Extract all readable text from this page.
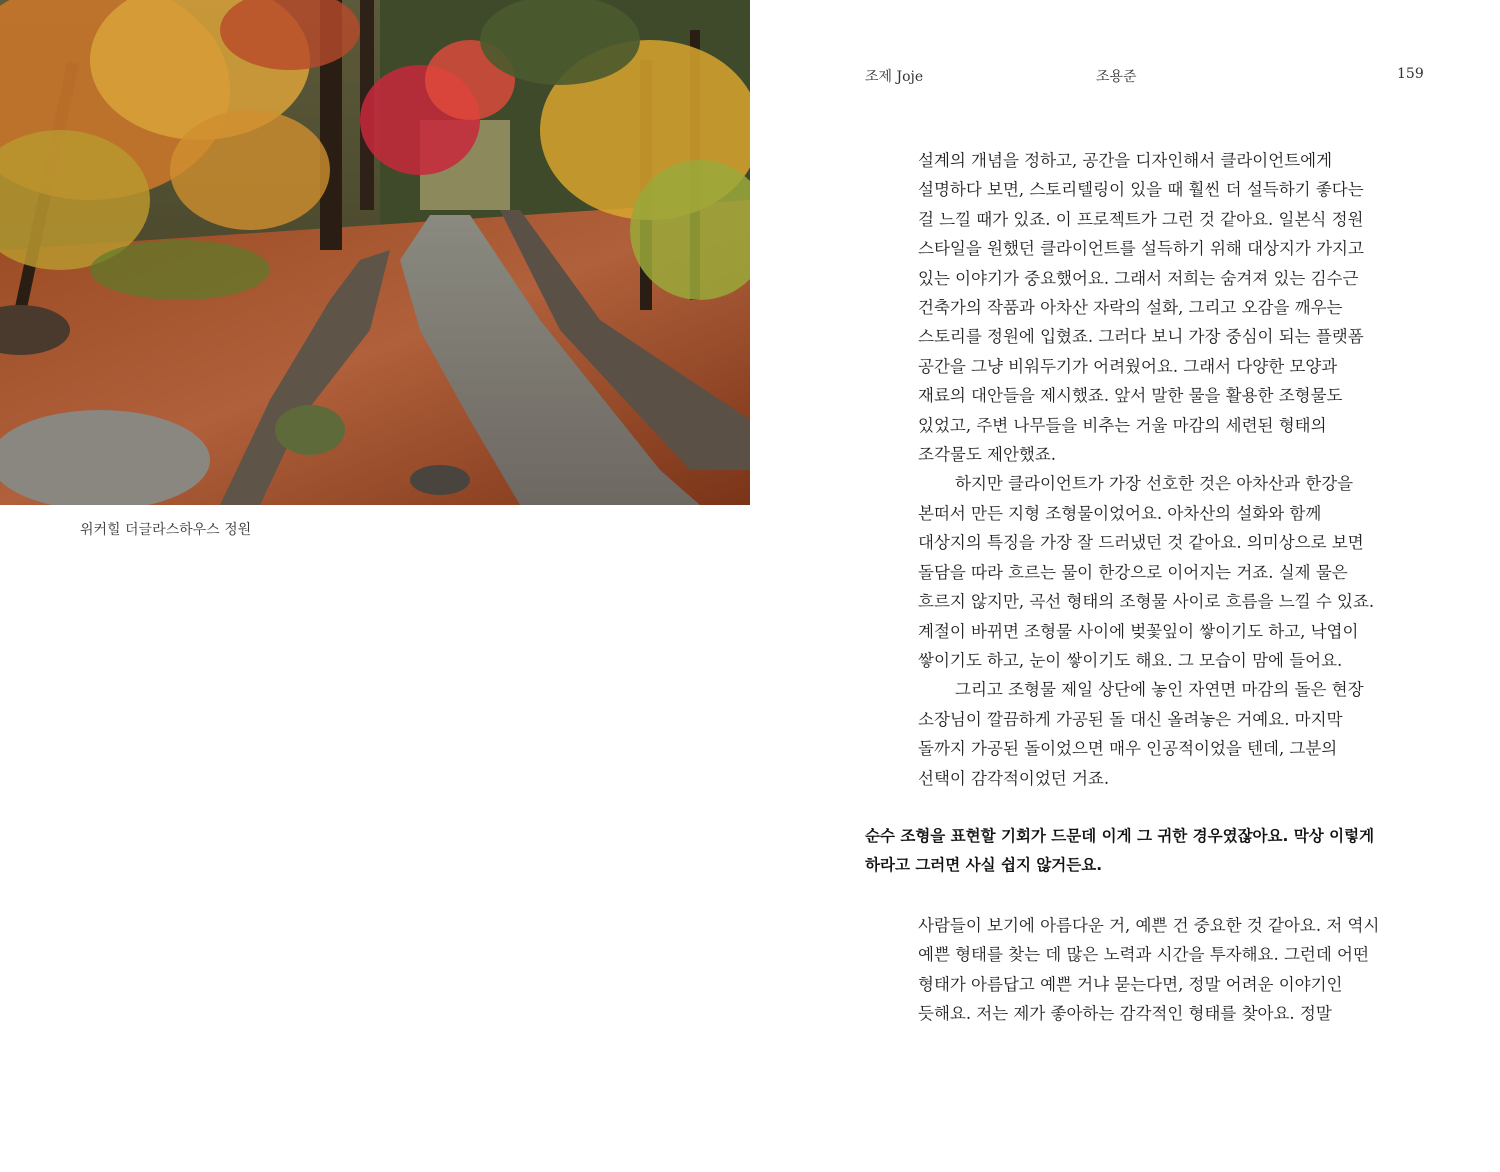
위커힐 더글라스하우스 정원
조제 Joje	조용준	159

설계의 개념을 정하고, 공간을 디자인해서 클라이언트에게

설명하다 보면, 스토리텔링이 있을 때 훨씬 더 설득하기 좋다는

걸 느낄 때가 있죠. 이 프로젝트가 그런 것 같아요. 일본식 정원

스타일을 원했던 클라이언트를 설득하기 위해 대상지가 가지고

있는 이야기가 중요했어요. 그래서 저희는 숨겨져 있는 김수근

건축가의 작품과 아차산 자락의 설화, 그리고 오감을 깨우는

스토리를 정원에 입혔죠. 그러다 보니 가장 중심이 되는 플랫폼

공간을 그냥 비워두기가 어려웠어요. 그래서 다양한 모양과

재료의 대안들을 제시했죠. 앞서 말한 물을 활용한 조형물도

있었고, 주변 나무들을 비추는 거울 마감의 세련된 형태의

조각물도 제안했죠.

하지만 클라이언트가 가장 선호한 것은 아차산과 한강을

본떠서 만든 지형 조형물이었어요. 아차산의 설화와 함께

대상지의 특징을 가장 잘 드러냈던 것 같아요. 의미상으로 보면

돌담을 따라 흐르는 물이 한강으로 이어지는 거죠. 실제 물은

흐르지 않지만, 곡선 형태의 조형물 사이로 흐름을 느낄 수 있죠.

계절이 바뀌면 조형물 사이에 벚꽃잎이 쌓이기도 하고, 낙엽이

쌓이기도 하고, 눈이 쌓이기도 해요. 그 모습이 맘에 들어요.

그리고 조형물 제일 상단에 놓인 자연면 마감의 돌은 현장

소장님이 깔끔하게 가공된 돌 대신 올려놓은 거예요. 마지막

돌까지 가공된 돌이었으면 매우 인공적이었을 텐데, 그분의

선택이 감각적이었던 거죠.

순수 조형을 표현할 기회가 드문데 이게 그 귀한 경우였잖아요. 막상 이렇게

하라고 그러면 사실 쉽지 않거든요.

사람들이 보기에 아름다운 거, 예쁜 건 중요한 것 같아요. 저 역시

예쁜 형태를 찾는 데 많은 노력과 시간을 투자해요. 그런데 어떤

형태가 아름답고 예쁜 거냐 묻는다면, 정말 어려운 이야기인

듯해요. 저는 제가 좋아하는 감각적인 형태를 찾아요. 정말
